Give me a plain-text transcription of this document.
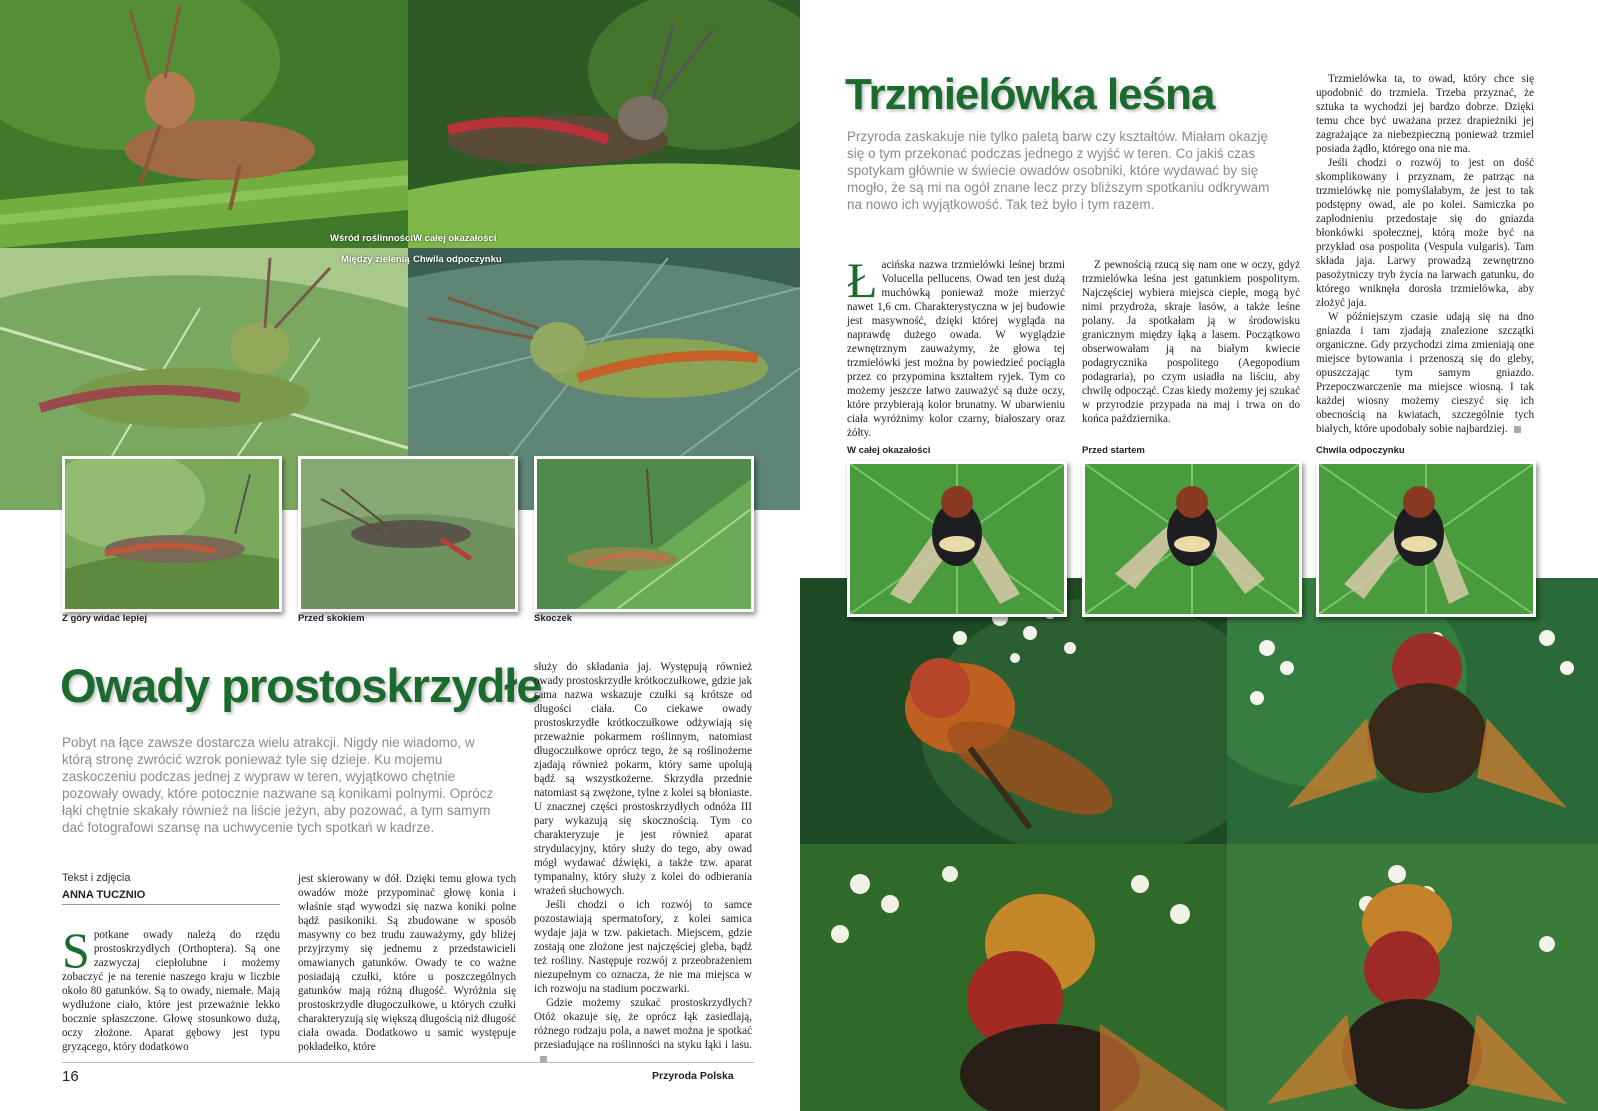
Wśród roślinności W całej okazałości
Między zielenią Chwila odpoczynku
Z góry widać lepiej	Przed skokiem	Skoczek
Owady prostoskrzydłe
Pobyt na łące zawsze dostarcza wielu atrakcji. Nigdy nie wiadomo, w którą stronę zwrócić wzrok ponieważ tyle się dzieje. Ku mojemu zaskoczeniu podczas jednej z wypraw w teren, wyjątkowo chętnie pozowały owady, które potocznie nazwane są konikami polnymi. Oprócz łąki chętnie skakały również na liście jeżyn, aby pozować, a tym samym dać fotografowi szansę na uchwycenie tych spotkań w kadrze.
Tekst i zdjęcia
ANNA TUCZNIO

Spotkane owady należą do rzędu prostoskrzydłych (Orthoptera). Są one zazwyczaj ciepłolubne i możemy zobaczyć je na terenie naszego kraju w liczbie około 80 gatunków. Są to owady, niemałe. Mają wydłużone ciało, które jest przeważnie lekko bocznie spłaszczone. Głowę stosunkowo dużą, oczy złożone. Aparat gębowy jest typu gryzącego, który dodatkowo

jest skierowany w dół. Dzięki temu głowa tych owadów może przypominać głowę konia i właśnie stąd wywodzi się nazwa koniki polne bądź pasikoniki. Są zbudowane w sposób masywny co bez trudu zauważymy, gdy bliżej przyjrzymy się jednemu z przedstawicieli omawianych gatunków. Owady te co ważne posiadają czułki, które u poszczególnych gatunków mają różną długość. Wyróżnia się prostoskrzydłe długoczułkowe, u których czułki charakteryzują się większą długością niż długość ciała owada. Dodatkowo u samic występuje pokładełko, które

służy do składania jaj. Występują również owady prostoskrzydłe krótkoczułkowe, gdzie jak sama nazwa wskazuje czułki są krótsze od długości ciała. Co ciekawe owady prostoskrzydłe krótkoczułkowe odżywiają się przeważnie pokarmem roślinnym, natomiast długoczułkowe oprócz tego, że są roślinożerne zjadają również pokarm, który same upolują bądź są wszystkożerne. Skrzydła przednie natomiast są zwężone, tylne z kolei są błoniaste. U znacznej części prostoskrzydłych odnóża III pary wykazują się skocznością. Tym co charakteryzuje je jest również aparat strydulacyjny, który służy do tego, aby owad mógł wydawać dźwięki, a także tzw. aparat tympanalny, który służy z kolei do odbierania wrażeń słuchowych.

Jeśli chodzi o ich rozwój to samce pozostawiają spermatofory, z kolei samica wydaje jaja w tzw. pakietach. Miejscem, gdzie zostają one złożone jest najczęściej gleba, bądź też rośliny. Następuje rozwój z przeobrażeniem niezupełnym co oznacza, że nie ma miejsca w ich rozwoju na stadium poczwarki.

Gdzie możemy szukać prostoskrzydłych? Otóż okazuje się, że oprócz łąk zasiedlają, różnego rodzaju pola, a nawet można je spotkać przesiadujące na roślinności na styku łąki i lasu.

16	Przyroda Polska
Trzmielówka leśna
Przyroda zaskakuje nie tylko paletą barw czy kształtów. Miałam okazję się o tym przekonać podczas jednego z wyjść w teren. Co jakiś czas spotykam głównie w świecie owadów osobniki, które wydawać by się mogło, że są mi na ogół znane lecz przy bliższym spotkaniu odkrywam na nowo ich wyjątkowość. Tak też było i tym razem.

Łacińska nazwa trzmielówki leśnej brzmi Volucella pellucens. Owad ten jest dużą muchówką ponieważ może mierzyć nawet 1,6 cm. Charakterystyczna w jej budowie jest masywność, dzięki której wygląda na naprawdę dużego owada. W wyglądzie zewnętrznym zauważymy, że głowa tej trzmielówki jest można by powiedzieć pociągła przez co przypomina kształtem ryjek. Tym co możemy jeszcze łatwo zauważyć są duże oczy, które przybierają kolor brunatny. W ubarwieniu ciała wyróżnimy kolor czarny, białoszary oraz żółty.

Z pewnością rzucą się nam one w oczy, gdyż trzmielówka leśna jest gatunkiem pospolitym. Najczęściej wybiera miejsca ciepłe, mogą być nimi przydroża, skraje lasów, a także leśne polany. Ja spotkałam ją w środowisku granicznym między łąką a lasem. Początkowo obserwowałam ją na białym kwiecie podagrycznika pospolitego (Aegopodium podagraria), po czym usiadła na liściu, aby chwilę odpocząć. Czas kiedy możemy jej szukać w przyrodzie przypada na maj i trwa on do końca października.

Trzmielówka ta, to owad, który chce się upodobnić do trzmiela. Trzeba przyznać, że sztuka ta wychodzi jej bardzo dobrze. Dzięki temu chce być uważana przez drapieżniki jej zagrażające za niebezpieczną ponieważ trzmiel posiada żądło, którego ona nie ma.

Jeśli chodzi o rozwój to jest on dość skomplikowany i przyznam, że patrząc na trzmielówkę nie pomyślałabym, że jest to tak podstępny owad, ale po kolei. Samiczka po zapłodnieniu przedostaje się do gniazda błonkówki społecznej, którą może być na przykład osa pospolita (Vespula vulgaris). Tam składa jaja. Larwy prowadzą zewnętrzno pasożytniczy tryb życia na larwach gatunku, do którego wniknęła dorosła trzmielówka, aby złożyć jaja.

W późniejszym czasie udają się na dno gniazda i tam zjadają znalezione szczątki organiczne. Gdy przychodzi zima zmieniają one miejsce bytowania i przenoszą się do gleby, opuszczając tym samym gniazdo. Przepoczwarczenie ma miejsce wiosną. I tak każdej wiosny możemy cieszyć się ich obecnością na kwiatach, szczególnie tych białych, które upodobały sobie najbardziej.

W całej okazałości	Przed startem	Chwila odpoczynku
